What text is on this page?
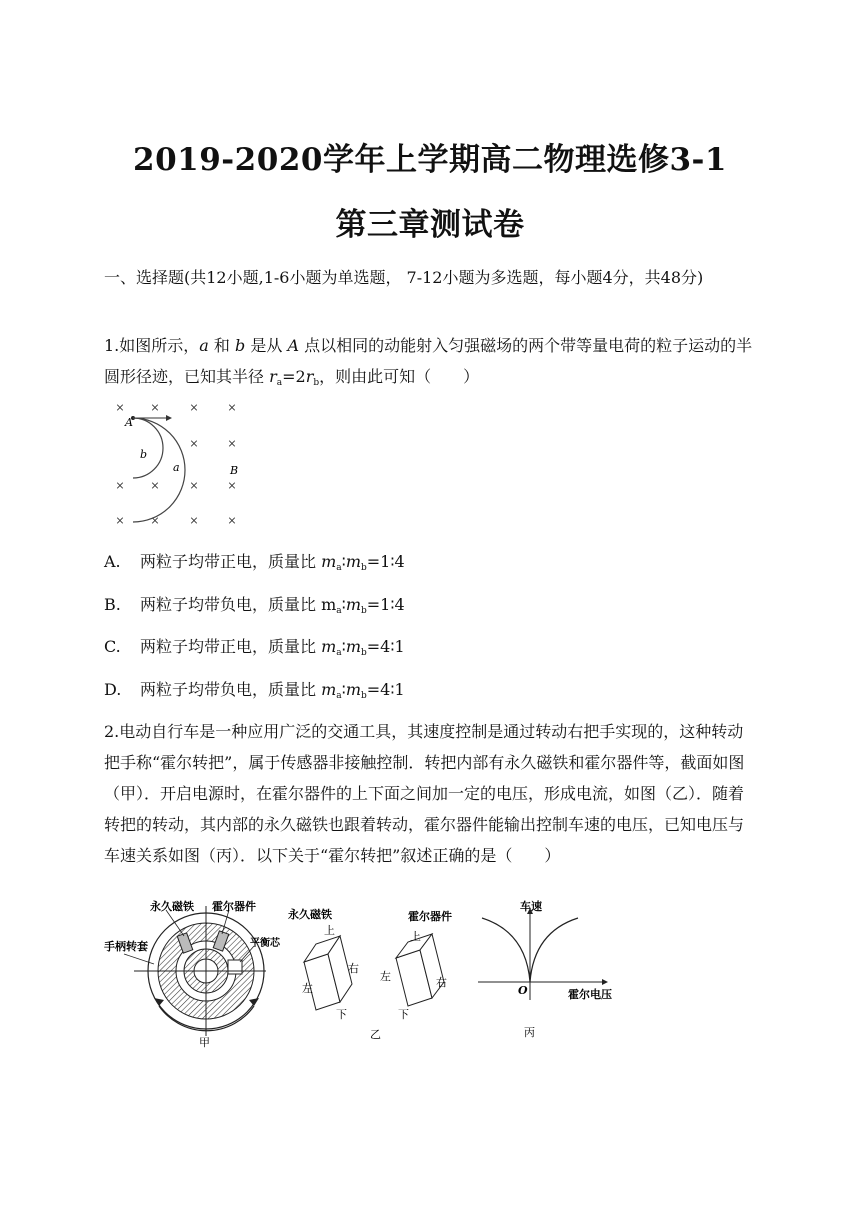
2019-2020学年上学期高二物理选修3-1
第三章测试卷
一、选择题(共12小题,1-6小题为单选题， 7-12小题为多选题，每小题4分，共48分)
1.如图所示，a 和 b 是从 A 点以相同的动能射入匀强磁场的两个带等量电荷的粒子运动的半圆形径迹，已知其半径 $r_a=2r_b$，则由此可知（　　）
× ×	×	×
×	×
× ×	×	×
× ×	×	×
A
B
a
b
A. 两粒子均带正电，质量比 $m_a∶m_b=1∶4$
B. 两粒子均带负电，质量比 $m_a∶m_b=1∶4$
C. 两粒子均带正电，质量比 $m_a∶m_b=4∶1$
D. 两粒子均带负电，质量比 $m_a∶m_b=4∶1$
2.电动自行车是一种应用广泛的交通工具，其速度控制是通过转动右把手实现的，这种转动把手称“霍尔转把”，属于传感器非接触控制．转把内部有永久磁铁和霍尔器件等，截面如图（甲）．开启电源时，在霍尔器件的上下面之间加一定的电压，形成电流，如图（乙）．随着转把的转动，其内部的永久磁铁也跟着转动，霍尔器件能输出控制车速的电压，已知电压与车速关系如图（丙）．以下关于“霍尔转把”叙述正确的是（　　）
永久磁铁 霍尔器件
手柄转套	平衡芯
甲
永久磁铁	霍尔器件
上
右
左
下
上
右
左
下
乙
车速
霍尔电压
O
丙
